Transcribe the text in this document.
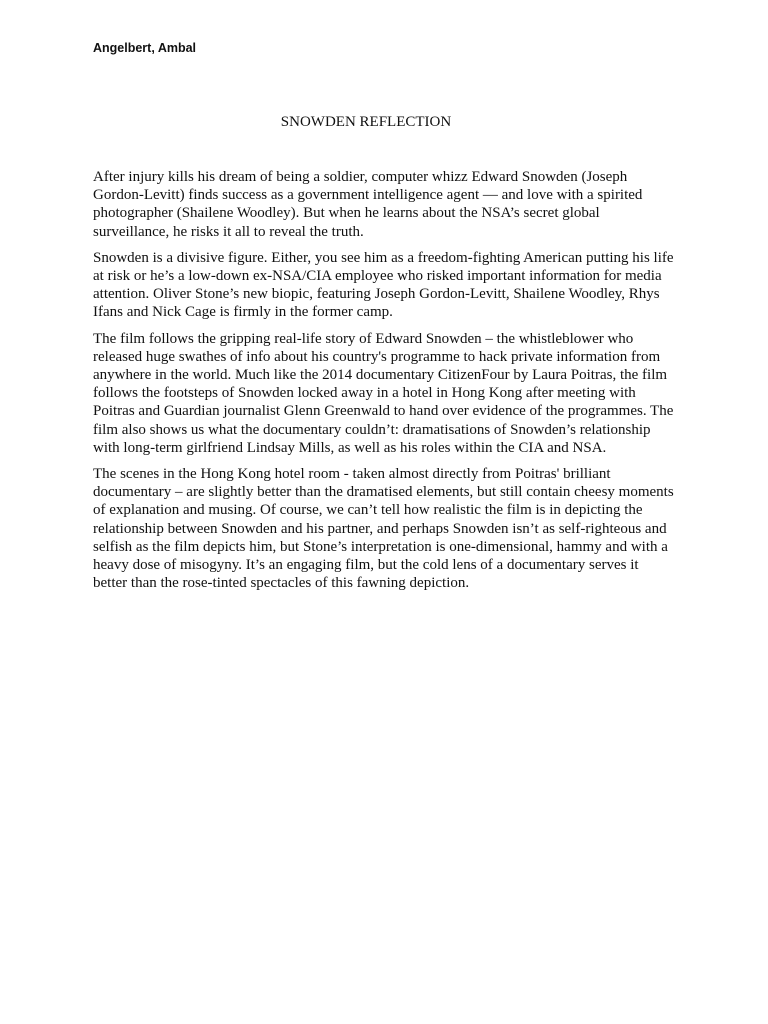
Angelbert, Ambal
SNOWDEN REFLECTION

After injury kills his dream of being a soldier, computer whizz Edward Snowden (Joseph Gordon-Levitt) finds success as a government intelligence agent — and love with a spirited photographer (Shailene Woodley). But when he learns about the NSA’s secret global surveillance, he risks it all to reveal the truth.

Snowden is a divisive figure. Either, you see him as a freedom-fighting American putting his life at risk or he’s a low-down ex-NSA/CIA employee who risked important information for media attention. Oliver Stone’s new biopic, featuring Joseph Gordon-Levitt, Shailene Woodley, Rhys Ifans and Nick Cage is firmly in the former camp.

The film follows the gripping real-life story of Edward Snowden – the whistleblower who released huge swathes of info about his country's programme to hack private information from anywhere in the world. Much like the 2014 documentary CitizenFour by Laura Poitras, the film follows the footsteps of Snowden locked away in a hotel in Hong Kong after meeting with Poitras and Guardian journalist Glenn Greenwald to hand over evidence of the programmes. The film also shows us what the documentary couldn’t: dramatisations of Snowden’s relationship with long-term girlfriend Lindsay Mills, as well as his roles within the CIA and NSA.

The scenes in the Hong Kong hotel room - taken almost directly from Poitras' brilliant documentary – are slightly better than the dramatised elements, but still contain cheesy moments of explanation and musing. Of course, we can’t tell how realistic the film is in depicting the relationship between Snowden and his partner, and perhaps Snowden isn’t as self-righteous and selfish as the film depicts him, but Stone’s interpretation is one-dimensional, hammy and with a heavy dose of misogyny. It’s an engaging film, but the cold lens of a documentary serves it better than the rose-tinted spectacles of this fawning depiction.
